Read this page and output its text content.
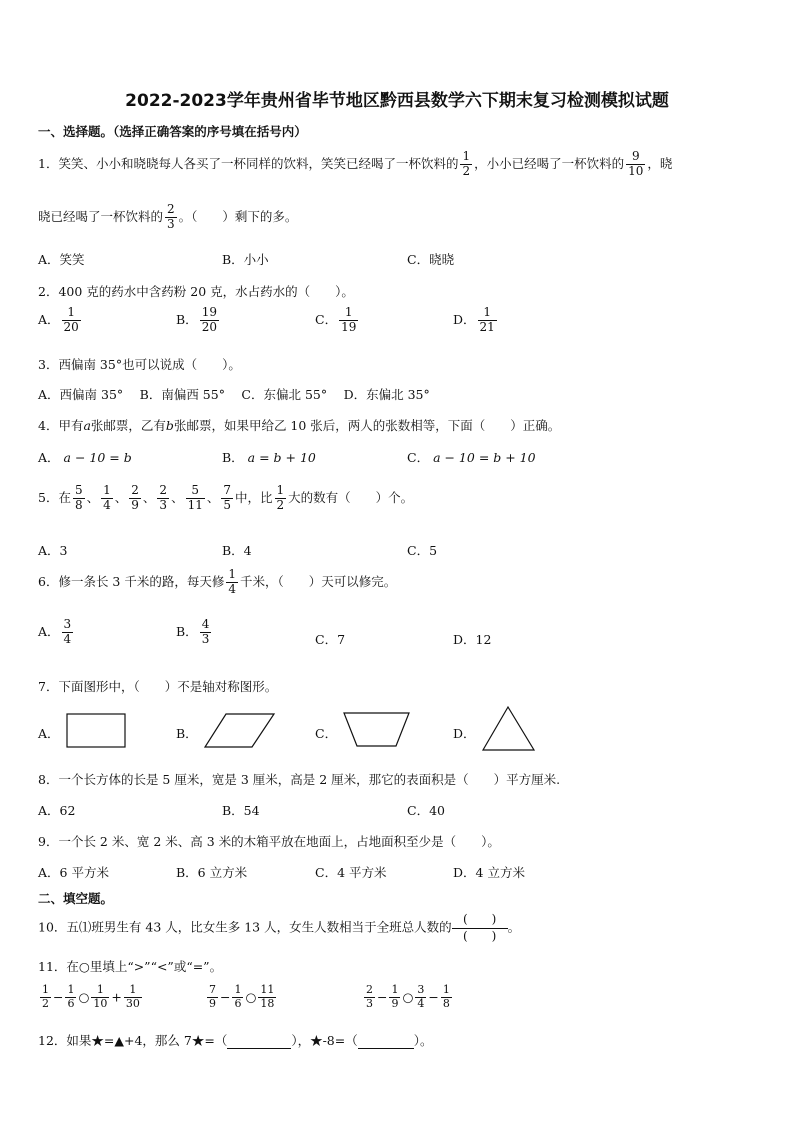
2022-2023学年贵州省毕节地区黔西县数学六下期末复习检测模拟试题
一、选择题。（选择正确答案的序号填在括号内）
1．笑笑、小小和晓晓每人各买了一杯同样的饮料，笑笑已经喝了一杯饮料的 $\frac{1}{2}$ ，小小已经喝了一杯饮料的 $\frac{9}{10}$ ，晓
晓已经喝了一杯饮料的 $\frac{2}{3}$ 。（　　）剩下的多。
A．笑笑	B．小小	C．晓晓
2．400 克的药水中含药粉 20 克，水占药水的（　　）。
A． $\frac{1}{20}$	B． $\frac{19}{20}$	C． $\frac{1}{19}$	D． $\frac{1}{21}$
3．西偏南 35°也可以说成（　　）。
A．西偏南 35°　 B．南偏西 55°　 C．东偏北 55°　 D．东偏北 35°
4．甲有a张邮票，乙有b张邮票，如果甲给乙 10 张后，两人的张数相等，下面（　　）正确。
A． a − 10 = b	B． a = b + 10	C． a − 10 = b + 10
5．在 $\frac{5}{8}$ 、 $\frac{1}{4}$ 、 $\frac{2}{9}$ 、 $\frac{2}{3}$ 、 $\frac{5}{11}$ 、 $\frac{7}{5}$ 中，比 $\frac{1}{2}$ 大的数有（　　）个。
A．3	B．4	C．5
6．修一条长 3 千米的路，每天修 $\frac{1}{4}$ 千米，（　　）天可以修完。
A． $\frac{3}{4}$	B． $\frac{4}{3}$	C．7	D．12
7．下面图形中，（　　）不是轴对称图形。
A．	B．	C．	D．
8．一个长方体的长是 5 厘米，宽是 3 厘米，高是 2 厘米，那它的表面积是（　　）平方厘米.
A．62	B．54	C．40
9．一个长 2 米、宽 2 米、高 3 米的木箱平放在地面上，占地面积至少是（　　）。
A．6 平方米	B．6 立方米	C．4 平方米	D．4 立方米
二、填空题。
10．五⑴班男生有 43 人，比女生多 13 人，女生人数相当于全班总人数的 $\frac{( )}{( )}$ 。
11．在○里填上“>”“<”或“=”。
$\frac{1}{2} - \frac{1}{6}$ ○ $\frac{1}{10} + \frac{1}{30}$	$\frac{7}{9} - \frac{1}{6}$ ○ $\frac{11}{18}$	$\frac{2}{3} - \frac{1}{9}$ ○ $\frac{3}{4} - \frac{1}{8}$
12．如果★=▲+4，那么 7★=（	），★-8=（	）。
